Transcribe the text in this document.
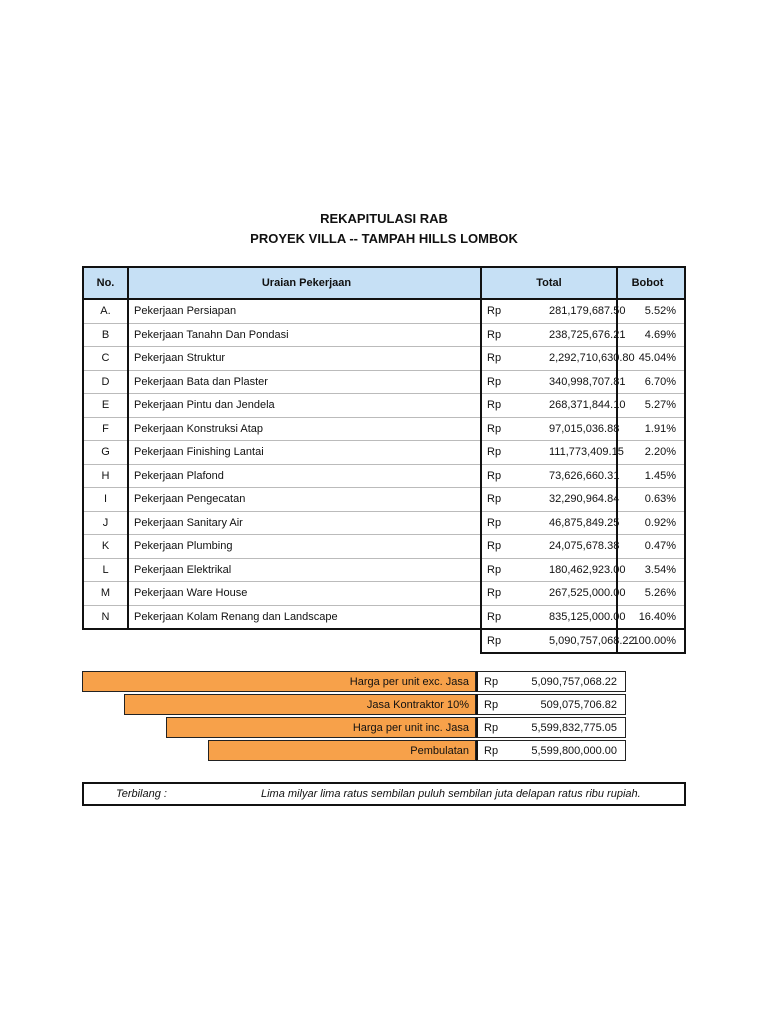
REKAPITULASI RAB
PROYEK VILLA -- TAMPAH HILLS LOMBOK
No.	Uraian Pekerjaan	Total		Bobot
A.	Pekerjaan Persiapan	Rp	281,179,687.50	5.52%
B	Pekerjaan Tanahn Dan Pondasi	Rp	238,725,676.21	4.69%
C	Pekerjaan Struktur	Rp	2,292,710,630.80	45.04%
D	Pekerjaan Bata dan Plaster	Rp	340,998,707.81	6.70%
E	Pekerjaan Pintu dan Jendela	Rp	268,371,844.10	5.27%
F	Pekerjaan Konstruksi Atap	Rp	97,015,036.88	1.91%
G	Pekerjaan Finishing Lantai	Rp	111,773,409.15	2.20%
H	Pekerjaan Plafond	Rp	73,626,660.31	1.45%
I	Pekerjaan Pengecatan	Rp	32,290,964.84	0.63%
J	Pekerjaan Sanitary Air	Rp	46,875,849.25	0.92%
K	Pekerjaan Plumbing	Rp	24,075,678.38	0.47%
L	Pekerjaan Elektrikal	Rp	180,462,923.00	3.54%
M	Pekerjaan Ware House	Rp	267,525,000.00	5.26%
N	Pekerjaan Kolam Renang dan Landscape	Rp	835,125,000.00	16.40%
		Rp	5,090,757,068.22	100.00%
Harga per unit exc. Jasa	Rp	5,090,757,068.22
Jasa Kontraktor 10%	Rp	509,075,706.82
Harga per unit inc. Jasa	Rp	5,599,832,775.05
Pembulatan	Rp	5,599,800,000.00
Terbilang :	Lima milyar lima ratus sembilan puluh sembilan juta delapan ratus ribu rupiah.
